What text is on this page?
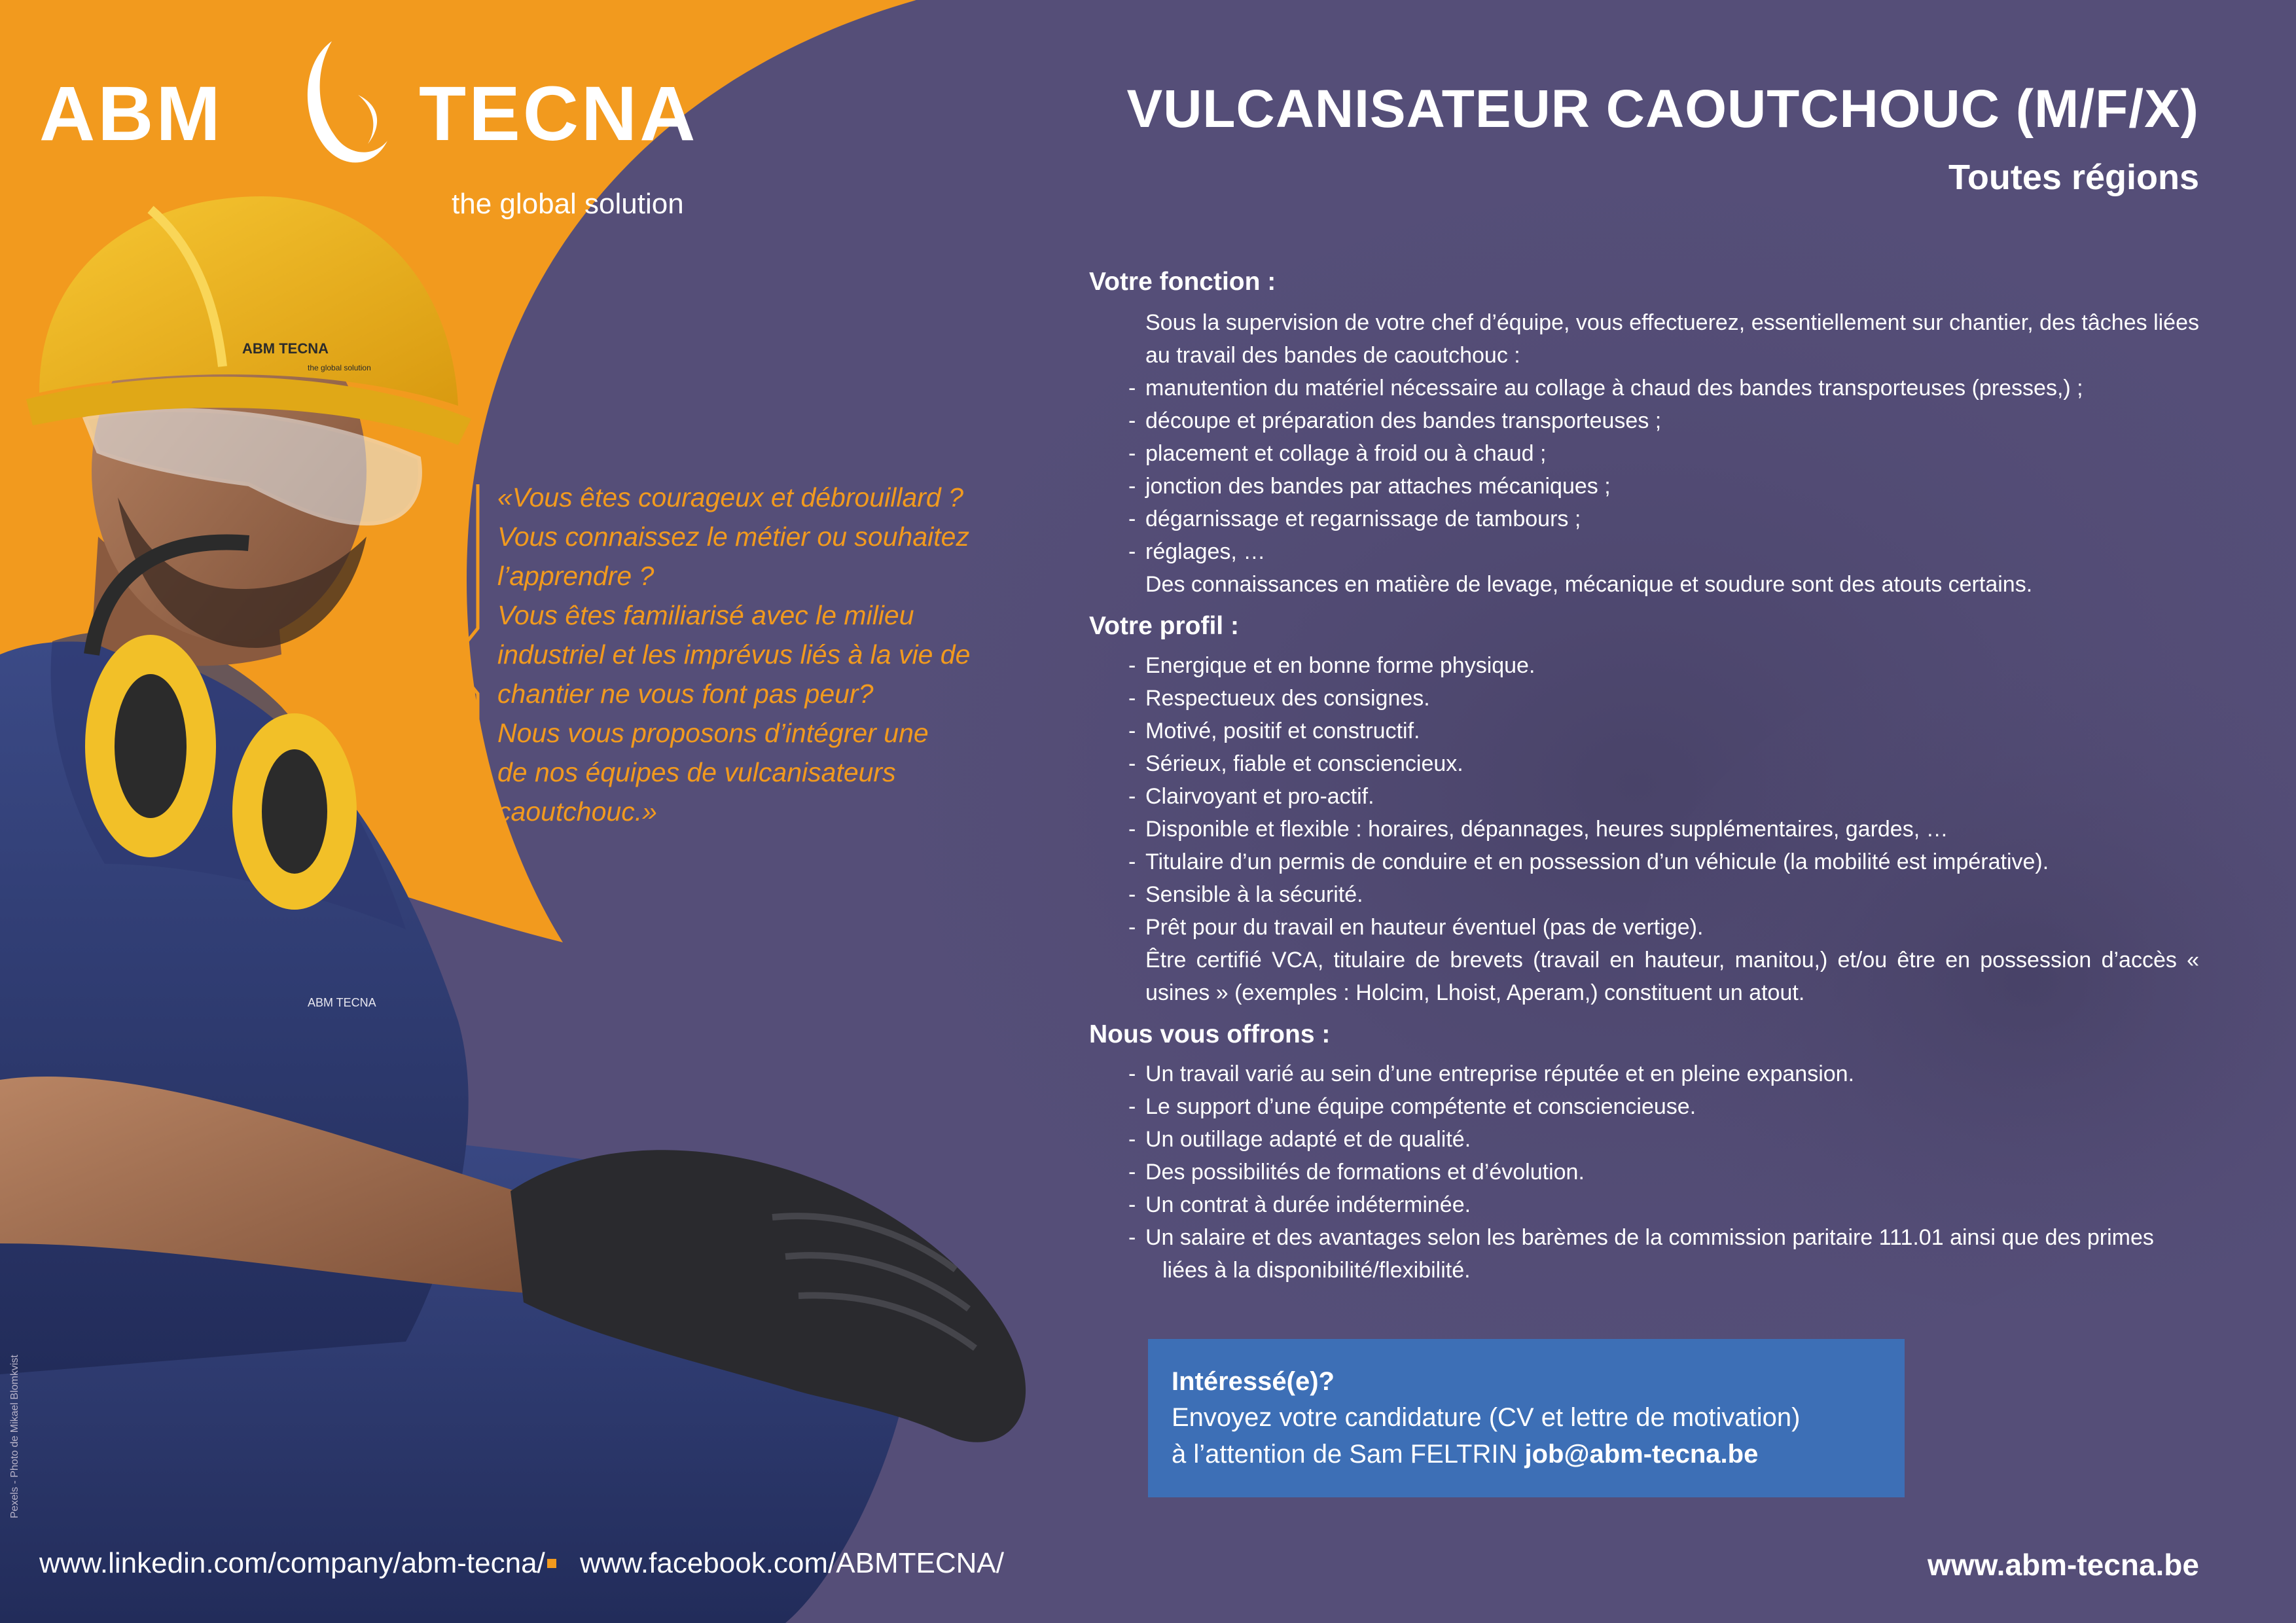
ABM TECNA
the global solution
ABM TECNA
ABM	TECNA
the global solution
VULCANISATEUR CAOUTCHOUC (M/F/X)
Toutes régions

«Vous êtes courageux et débrouillard ?

Vous connaissez le métier ou souhaitez

l’apprendre ?

Vous êtes familiarisé avec le milieu

industriel et les imprévus liés à la vie de

chantier ne vous font pas peur?

Nous vous proposons d’intégrer une

de nos équipes de vulcanisateurs

caoutchouc.»

Votre fonction :
Sous la supervision de votre chef d’équipe, vous effectuerez, essentiellement sur chantier, des tâches liées au travail des bandes de caoutchouc :
- manutention du matériel nécessaire au collage à chaud des bandes transporteuses (presses,) ;
- découpe et préparation des bandes transporteuses ;
- placement et collage à froid ou à chaud ;
- jonction des bandes par attaches mécaniques ;
- dégarnissage et regarnissage de tambours ;
- réglages, …
Des connaissances en matière de levage, mécanique et soudure sont des atouts certains.
Votre profil :
- Energique et en bonne forme physique.
- Respectueux des consignes.
- Motivé, positif et constructif.
- Sérieux, fiable et consciencieux.
- Clairvoyant et pro-actif.
- Disponible et flexible : horaires, dépannages, heures supplémentaires, gardes, …
- Titulaire d’un permis de conduire et en possession d’un véhicule (la mobilité est impérative).
- Sensible à la sécurité.
- Prêt pour du travail en hauteur éventuel (pas de vertige).
Être certifié VCA, titulaire de brevets (travail en hauteur, manitou,) et/ou être en possession d’accès « usines » (exemples : Holcim, Lhoist, Aperam,) constituent un atout.
Nous vous offrons :
- Un travail varié au sein d’une entreprise réputée et en pleine expansion.
- Le support d’une équipe compétente et consciencieuse.
- Un outillage adapté et de qualité.
- Des possibilités de formations et d’évolution.
- Un contrat à durée indéterminée.
- Un salaire et des avantages selon les barèmes de la commission paritaire 111.01 ainsi que des primes
liées à la disponibilité/flexibilité.
Intéressé(e)?
Envoyez votre candidature (CV et lettre de motivation)
à l’attention de Sam FELTRIN job@abm-tecna.be
www.linkedin.com/company/abm-tecna/ www.facebook.com/ABMTECNA/	www.abm-tecna.be
Pexels - Photo de Mikael Blomkvist
